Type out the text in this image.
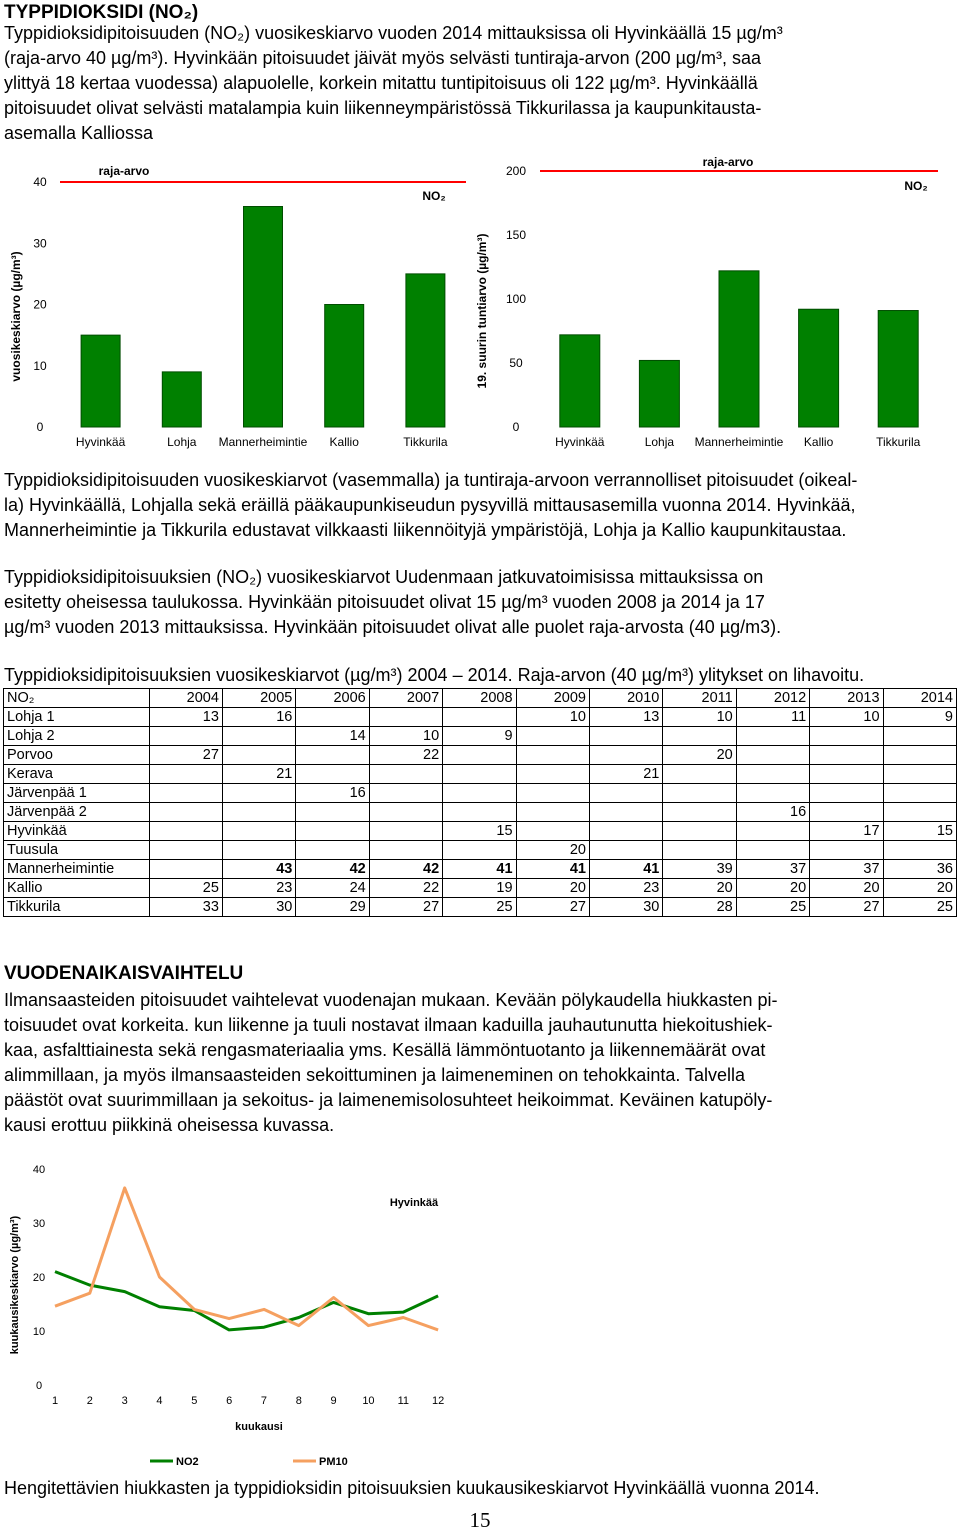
TYPPIDIOKSIDI (NO₂)
Typpidioksidipitoisuuden (NO₂) vuosikeskiarvo vuoden 2014 mittauksissa oli Hyvinkäällä 15 µg/m³
(raja-arvo 40 µg/m³). Hyvinkään pitoisuudet jäivät myös selvästi tuntiraja-arvon (200 µg/m³, saa
ylittyä 18 kertaa vuodessa) alapuolelle, korkein mitattu tuntipitoisuus oli 122 µg/m³. Hyvinkäällä
pitoisuudet olivat selvästi matalampia kuin liikenneympäristössä Tikkurilassa ja kaupunkitausta-
asemalla Kalliossa
0
10
20
30
40
vuosikeskiarvo (µg/m³)
raja-arvo
NO₂
Hyvinkää	Lohja Mannerheimintie Kallio	Tikkurila
0
50
100
150
200
19. suurin tuntiarvo (µg/m³)
raja-arvo
NO₂
Hyvinkää	Lohja Mannerheimintie Kallio	Tikkurila
Typpidioksidipitoisuuden vuosikeskiarvot (vasemmalla) ja tuntiraja-arvoon verrannolliset pitoisuudet (oikeal-
la) Hyvinkäällä, Lohjalla sekä eräillä pääkaupunkiseudun pysyvillä mittausasemilla vuonna 2014. Hyvinkää,
Mannerheimintie ja Tikkurila edustavat vilkkaasti liikennöityjä ympäristöjä, Lohja ja Kallio kaupunkitaustaa.
Typpidioksidipitoisuuksien (NO₂) vuosikeskiarvot Uudenmaan jatkuvatoimisissa mittauksissa on
esitetty oheisessa taulukossa. Hyvinkään pitoisuudet olivat 15 µg/m³ vuoden 2008 ja 2014 ja 17
µg/m³ vuoden 2013 mittauksissa. Hyvinkään pitoisuudet olivat alle puolet raja-arvosta (40 µg/m3).
Typpidioksidipitoisuuksien vuosikeskiarvot (µg/m³) 2004 – 2014. Raja-arvon (40 µg/m³) ylitykset on lihavoitu.
NO₂	2004	2005	2006	2007	2008	2009	2010	2011	2012	2013	2014
Lohja 1	13	16				10	13	10	11	10	9
Lohja 2			14	10	9						
Porvoo	27			22				20			
Kerava		21					21				
Järvenpää 1			16								
Järvenpää 2									16		
Hyvinkää					15					17	15
Tuusula						20					
Mannerheimintie		43	42	42	41	41	41	39	37	37	36
Kallio	25	23	24	22	19	20	23	20	20	20	20
Tikkurila	33	30	29	27	25	27	30	28	25	27	25
VUODENAIKAISVAIHTELU
Ilmansaasteiden pitoisuudet vaihtelevat vuodenajan mukaan. Kevään pölykaudella hiukkasten pi-
toisuudet ovat korkeita. kun liikenne ja tuuli nostavat ilmaan kaduilla jauhautunutta hiekoitushiek-
kaa, asfalttiainesta sekä rengasmateriaalia yms. Kesällä lämmöntuotanto ja liikennemäärät ovat
alimmillaan, ja myös ilmansaasteiden sekoittuminen ja laimeneminen on tehokkainta. Talvella
päästöt ovat suurimmillaan ja sekoitus- ja laimenemisolosuhteet heikoimmat. Keväinen katupöly-
kausi erottuu piikkinä oheisessa kuvassa.
0
10
20
30
40
kuukausikeskiarvo (µg/m³)
1	2	3	4	5	6	7	8	9 10 11 12
kuukausi
Hyvinkää
NO2	PM10
Hengitettävien hiukkasten ja typpidioksidin pitoisuuksien kuukausikeskiarvot Hyvinkäällä vuonna 2014.
15
